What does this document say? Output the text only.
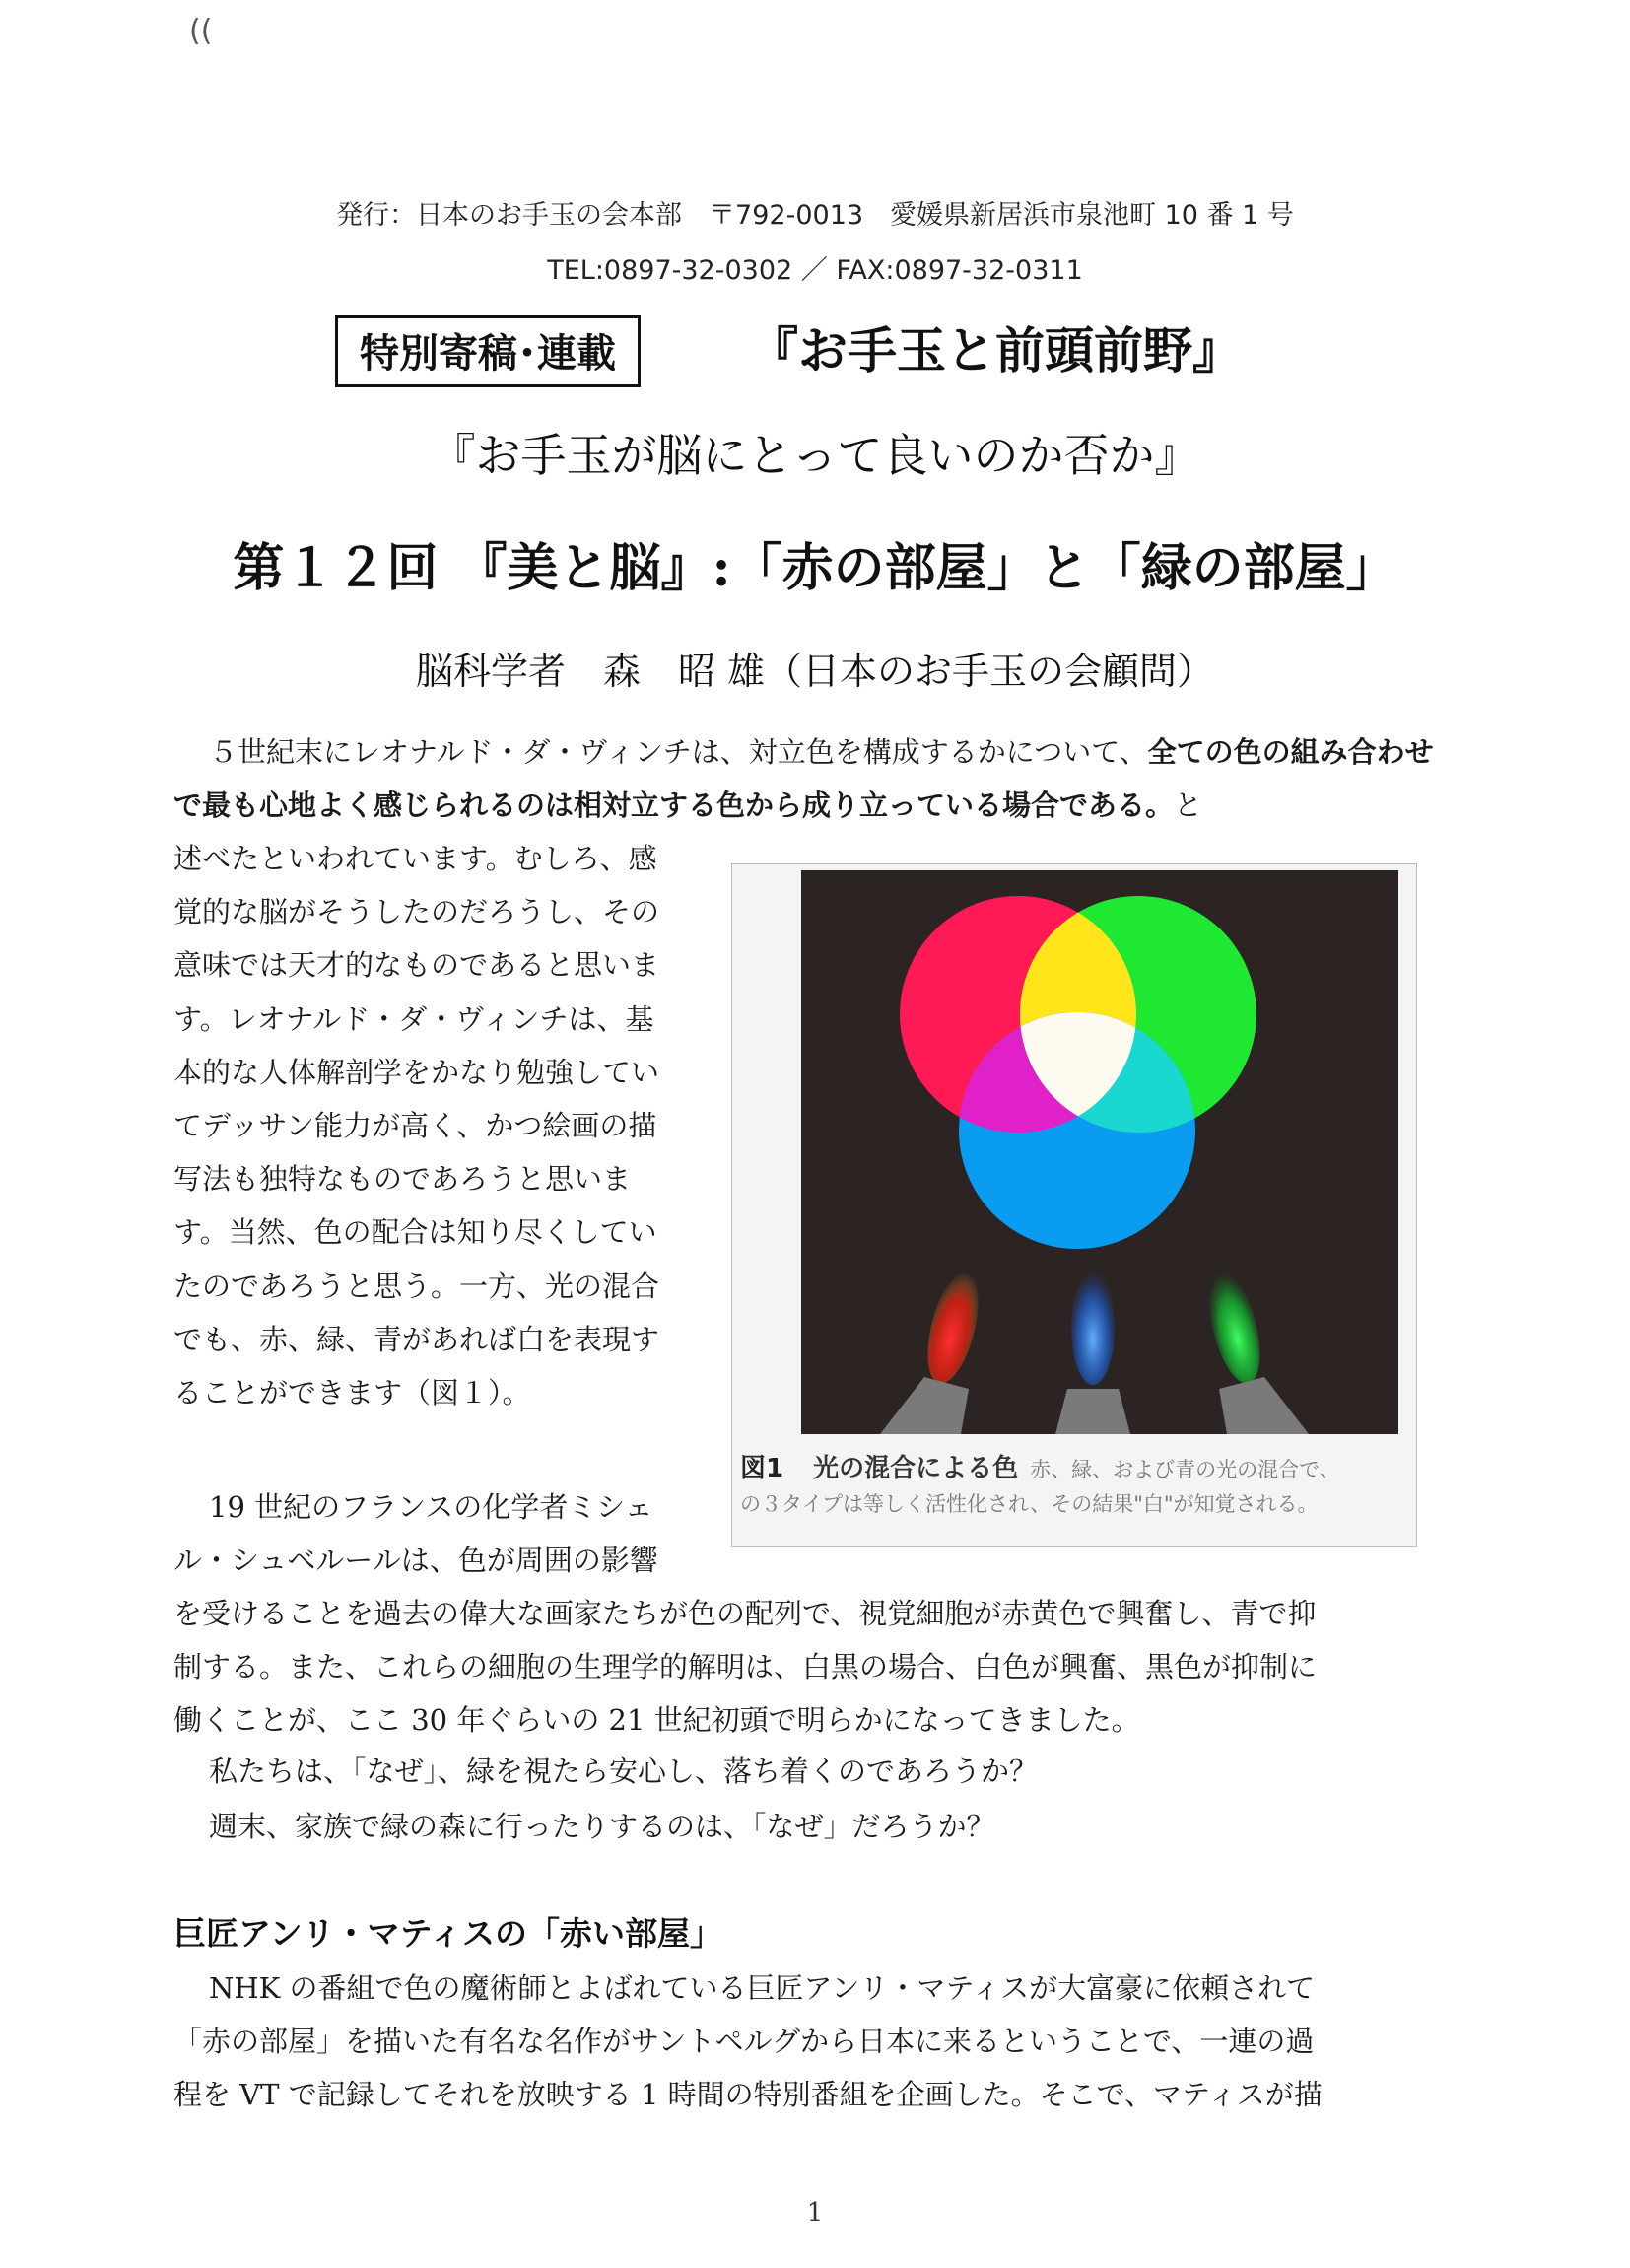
((
発行：日本のお手玉の会本部　〒792-0013　愛媛県新居浜市泉池町 10 番 1 号
TEL:0897-32-0302 ／ FAX:0897-32-0311
特別寄稿･連載	『お手玉と前頭前野』
『お手玉が脳にとって良いのか否か』
第１２回 『美と脳』:「赤の部屋」と「緑の部屋」
脳科学者　森　昭 雄（日本のお手玉の会顧問）
５世紀末にレオナルド・ダ・ヴィンチは、対立色を構成するかについて、全ての色の組み合わせで最も心地よく感じられるのは相対立する色から成り立っている場合である。と
述べたといわれています。むしろ、感
覚的な脳がそうしたのだろうし、その
意味では天才的なものであると思いま
す。レオナルド・ダ・ヴィンチは、基
本的な人体解剖学をかなり勉強してい
てデッサン能力が高く、かつ絵画の描
写法も独特なものであろうと思いま
す。当然、色の配合は知り尽くしてい
たのであろうと思う。一方、光の混合
でも、赤、緑、青があれば白を表現す
ることができます（図１）。
図1 光の混合による色 赤、緑、および青の光の混合で、
の３タイプは等しく活性化され、その結果"白"が知覚される。
19 世紀のフランスの化学者ミシェ
ル・シュベルールは、色が周囲の影響
を受けることを過去の偉大な画家たちが色の配列で、視覚細胞が赤黄色で興奮し、青で抑
制する。また、これらの細胞の生理学的解明は、白黒の場合、白色が興奮、黒色が抑制に
働くことが、ここ 30 年ぐらいの 21 世紀初頭で明らかになってきました。
私たちは、「なぜ」、緑を視たら安心し、落ち着くのであろうか？
週末、家族で緑の森に行ったりするのは、「なぜ」だろうか？
巨匠アンリ・マティスの「赤い部屋」
NHK の番組で色の魔術師とよばれている巨匠アンリ・マティスが大富豪に依頼されて
「赤の部屋」を描いた有名な名作がサントペルグから日本に来るということで、一連の過
程を VT で記録してそれを放映する 1 時間の特別番組を企画した。そこで、マティスが描
1
